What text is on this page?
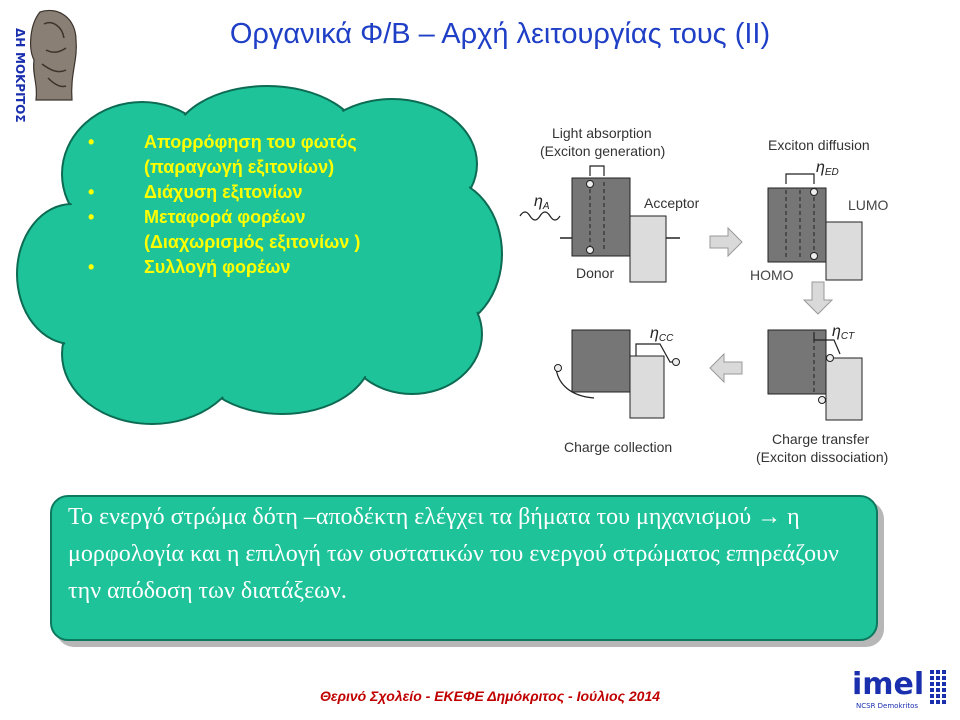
ΔΗ
ΜΟ
ΚΡΙ
ΤΟΣ
Οργανικά Φ/Β – Αρχή λειτουργίας τους (ΙΙ)
•	Απορρόφηση του φωτός (παραγωγή εξιτονίων)
•	Διάχυση εξιτονίων
•	Μεταφορά φορέων (Διαχωρισμός εξιτονίων )
•	Συλλογή φορέων
Light absorption
(Exciton generation)
ηA	Acceptor
Donor
Exciton diffusion
ηED
LUMO
HOMO
ηCT
Charge transfer
(Exciton dissociation)
ηCC
Charge collection
Το ενεργό στρώμα δότη –αποδέκτη ελέγχει τα βήματα του μηχανισμού → η μορφολογία και η επιλογή των συστατικών του ενεργού στρώματος επηρεάζουν την απόδοση των διατάξεων.
Θερινό Σχολείο - ΕΚΕΦΕ Δημόκριτος - Ιούλιος 2014	imel
NCSR Demokritos
